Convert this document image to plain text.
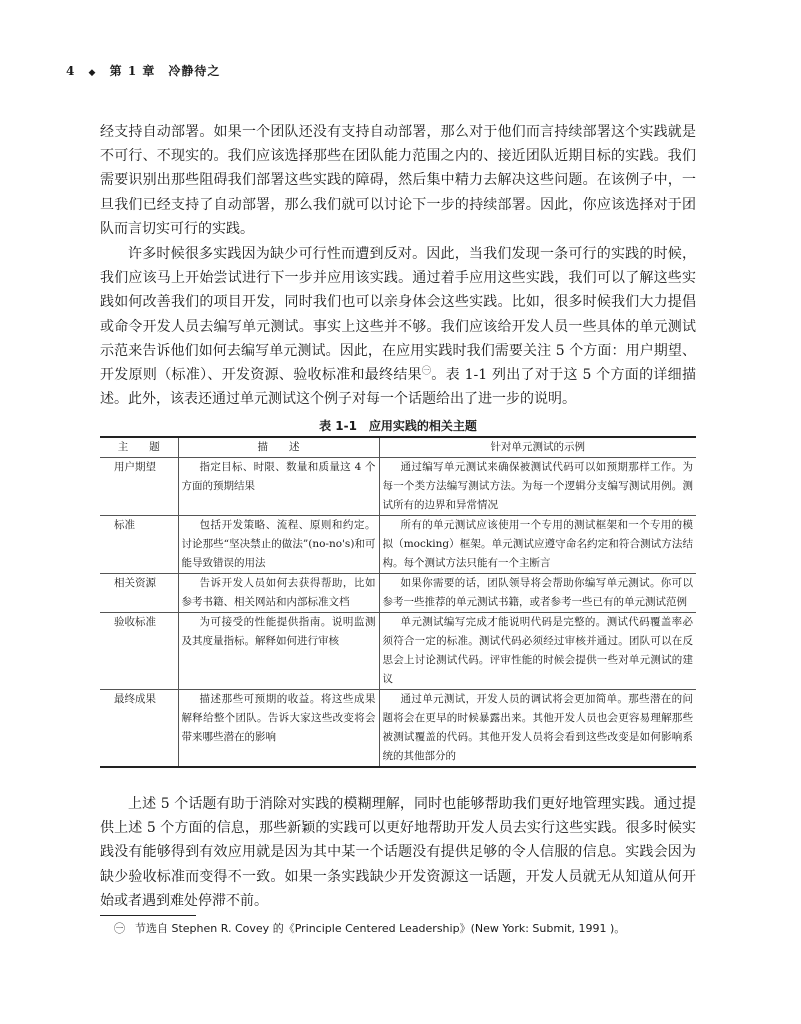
4 ◆ 第 1 章　冷静待之

经支持自动部署。如果一个团队还没有支持自动部署，那么对于他们而言持续部署这个实践就是不可行、不现实的。我们应该选择那些在团队能力范围之内的、接近团队近期目标的实践。我们需要识别出那些阻碍我们部署这些实践的障碍，然后集中精力去解决这些问题。在该例子中，一旦我们已经支持了自动部署，那么我们就可以讨论下一步的持续部署。因此，你应该选择对于团队而言切实可行的实践。

许多时候很多实践因为缺少可行性而遭到反对。因此，当我们发现一条可行的实践的时候，我们应该马上开始尝试进行下一步并应用该实践。通过着手应用这些实践，我们可以了解这些实践如何改善我们的项目开发，同时我们也可以亲身体会这些实践。比如，很多时候我们大力提倡或命令开发人员去编写单元测试。事实上这些并不够。我们应该给开发人员一些具体的单元测试示范来告诉他们如何去编写单元测试。因此，在应用实践时我们需要关注 5 个方面：用户期望、开发原则（标准）、开发资源、验收标准和最终结果$^㊀$。表 1-1 列出了对于这 5 个方面的详细描述。此外，该表还通过单元测试这个例子对每一个话题给出了进一步的说明。

表 1-1 应用实践的相关主题
主　　题	描　　述	针对单元测试的示例
用户期望	指定目标、时限、数量和质量这 4 个方面的预期结果	通过编写单元测试来确保被测试代码可以如预期那样工作。为每一个类方法编写测试方法。为每一个逻辑分支编写测试用例。测试所有的边界和异常情况
标准	包括开发策略、流程、原则和约定。讨论那些“坚决禁止的做法”(no-no's)和可能导致错误的用法	所有的单元测试应该使用一个专用的测试框架和一个专用的模拟（mocking）框架。单元测试应遵守命名约定和符合测试方法结构。每个测试方法只能有一个主断言
相关资源	告诉开发人员如何去获得帮助，比如参考书籍、相关网站和内部标准文档	如果你需要的话，团队领导将会帮助你编写单元测试。你可以参考一些推荐的单元测试书籍，或者参考一些已有的单元测试范例
验收标准	为可接受的性能提供指南。说明监测及其度量指标。解释如何进行审核	单元测试编写完成才能说明代码是完整的。测试代码覆盖率必须符合一定的标准。测试代码必须经过审核并通过。团队可以在反思会上讨论测试代码。评审性能的时候会提供一些对单元测试的建议
最终成果	描述那些可预期的收益。将这些成果解释给整个团队。告诉大家这些改变将会带来哪些潜在的影响	通过单元测试，开发人员的调试将会更加简单。那些潜在的问题将会在更早的时候暴露出来。其他开发人员也会更容易理解那些被测试覆盖的代码。其他开发人员将会看到这些改变是如何影响系统的其他部分的

上述 5 个话题有助于消除对实践的模糊理解，同时也能够帮助我们更好地管理实践。通过提供上述 5 个方面的信息，那些新颖的实践可以更好地帮助开发人员去实行这些实践。很多时候实践没有能够得到有效应用就是因为其中某一个话题没有提供足够的令人信服的信息。实践会因为缺少验收标准而变得不一致。如果一条实践缺少开发资源这一话题，开发人员就无从知道从何开始或者遇到难处停滞不前。

㊀ 节选自 Stephen R. Covey 的《Principle Centered Leadership》(New York: Submit, 1991 )。
